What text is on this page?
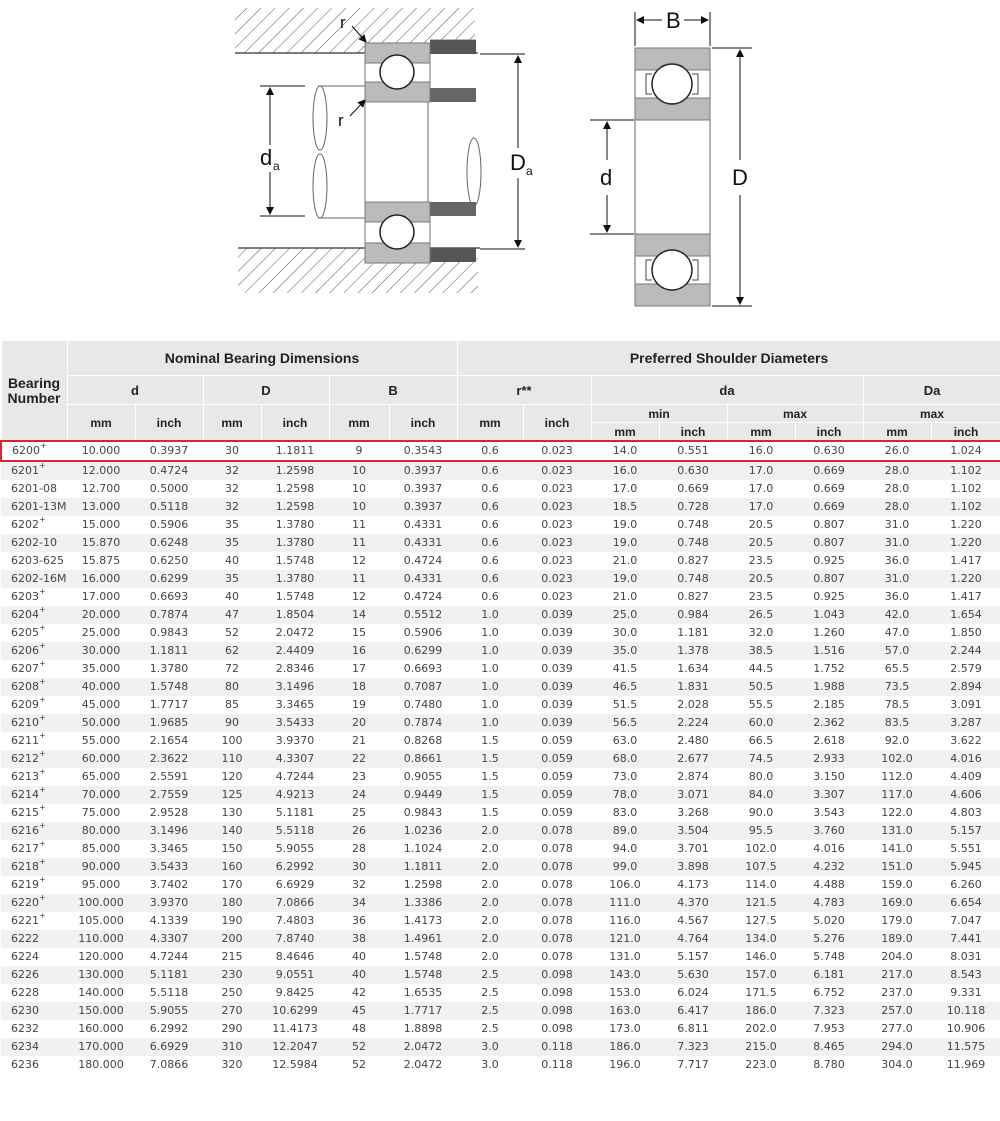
r
r
d a	D a
B
d	D
Bearing Number	Nominal Bearing Dimensions						Preferred Shoulder Diameters							
	d		D		B		r**		da				Da	
	mm	inch	mm	inch	mm	inch	mm	inch	min		max		max	
									mm	inch	mm	inch	mm	inch
6200+	10.000	0.3937	30	1.1811	9	0.3543	0.6	0.023	14.0	0.551	16.0	0.630	26.0	1.024
6201+	12.000	0.4724	32	1.2598	10	0.3937	0.6	0.023	16.0	0.630	17.0	0.669	28.0	1.102
6201-08	12.700	0.5000	32	1.2598	10	0.3937	0.6	0.023	17.0	0.669	17.0	0.669	28.0	1.102
6201-13M	13.000	0.5118	32	1.2598	10	0.3937	0.6	0.023	18.5	0.728	17.0	0.669	28.0	1.102
6202+	15.000	0.5906	35	1.3780	11	0.4331	0.6	0.023	19.0	0.748	20.5	0.807	31.0	1.220
6202-10	15.870	0.6248	35	1.3780	11	0.4331	0.6	0.023	19.0	0.748	20.5	0.807	31.0	1.220
6203-625	15.875	0.6250	40	1.5748	12	0.4724	0.6	0.023	21.0	0.827	23.5	0.925	36.0	1.417
6202-16M	16.000	0.6299	35	1.3780	11	0.4331	0.6	0.023	19.0	0.748	20.5	0.807	31.0	1.220
6203+	17.000	0.6693	40	1.5748	12	0.4724	0.6	0.023	21.0	0.827	23.5	0.925	36.0	1.417
6204+	20.000	0.7874	47	1.8504	14	0.5512	1.0	0.039	25.0	0.984	26.5	1.043	42.0	1.654
6205+	25.000	0.9843	52	2.0472	15	0.5906	1.0	0.039	30.0	1.181	32.0	1.260	47.0	1.850
6206+	30.000	1.1811	62	2.4409	16	0.6299	1.0	0.039	35.0	1.378	38.5	1.516	57.0	2.244
6207+	35.000	1.3780	72	2.8346	17	0.6693	1.0	0.039	41.5	1.634	44.5	1.752	65.5	2.579
6208+	40.000	1.5748	80	3.1496	18	0.7087	1.0	0.039	46.5	1.831	50.5	1.988	73.5	2.894
6209+	45.000	1.7717	85	3.3465	19	0.7480	1.0	0.039	51.5	2.028	55.5	2.185	78.5	3.091
6210+	50.000	1.9685	90	3.5433	20	0.7874	1.0	0.039	56.5	2.224	60.0	2.362	83.5	3.287
6211+	55.000	2.1654	100	3.9370	21	0.8268	1.5	0.059	63.0	2.480	66.5	2.618	92.0	3.622
6212+	60.000	2.3622	110	4.3307	22	0.8661	1.5	0.059	68.0	2.677	74.5	2.933	102.0	4.016
6213+	65.000	2.5591	120	4.7244	23	0.9055	1.5	0.059	73.0	2.874	80.0	3.150	112.0	4.409
6214+	70.000	2.7559	125	4.9213	24	0.9449	1.5	0.059	78.0	3.071	84.0	3.307	117.0	4.606
6215+	75.000	2.9528	130	5.1181	25	0.9843	1.5	0.059	83.0	3.268	90.0	3.543	122.0	4.803
6216+	80.000	3.1496	140	5.5118	26	1.0236	2.0	0.078	89.0	3.504	95.5	3.760	131.0	5.157
6217+	85.000	3.3465	150	5.9055	28	1.1024	2.0	0.078	94.0	3.701	102.0	4.016	141.0	5.551
6218+	90.000	3.5433	160	6.2992	30	1.1811	2.0	0.078	99.0	3.898	107.5	4.232	151.0	5.945
6219+	95.000	3.7402	170	6.6929	32	1.2598	2.0	0.078	106.0	4.173	114.0	4.488	159.0	6.260
6220+	100.000	3.9370	180	7.0866	34	1.3386	2.0	0.078	111.0	4.370	121.5	4.783	169.0	6.654
6221+	105.000	4.1339	190	7.4803	36	1.4173	2.0	0.078	116.0	4.567	127.5	5.020	179.0	7.047
6222	110.000	4.3307	200	7.8740	38	1.4961	2.0	0.078	121.0	4.764	134.0	5.276	189.0	7.441
6224	120.000	4.7244	215	8.4646	40	1.5748	2.0	0.078	131.0	5.157	146.0	5.748	204.0	8.031
6226	130.000	5.1181	230	9.0551	40	1.5748	2.5	0.098	143.0	5.630	157.0	6.181	217.0	8.543
6228	140.000	5.5118	250	9.8425	42	1.6535	2.5	0.098	153.0	6.024	171.5	6.752	237.0	9.331
6230	150.000	5.9055	270	10.6299	45	1.7717	2.5	0.098	163.0	6.417	186.0	7.323	257.0	10.118
6232	160.000	6.2992	290	11.4173	48	1.8898	2.5	0.098	173.0	6.811	202.0	7.953	277.0	10.906
6234	170.000	6.6929	310	12.2047	52	2.0472	3.0	0.118	186.0	7.323	215.0	8.465	294.0	11.575
6236	180.000	7.0866	320	12.5984	52	2.0472	3.0	0.118	196.0	7.717	223.0	8.780	304.0	11.969
